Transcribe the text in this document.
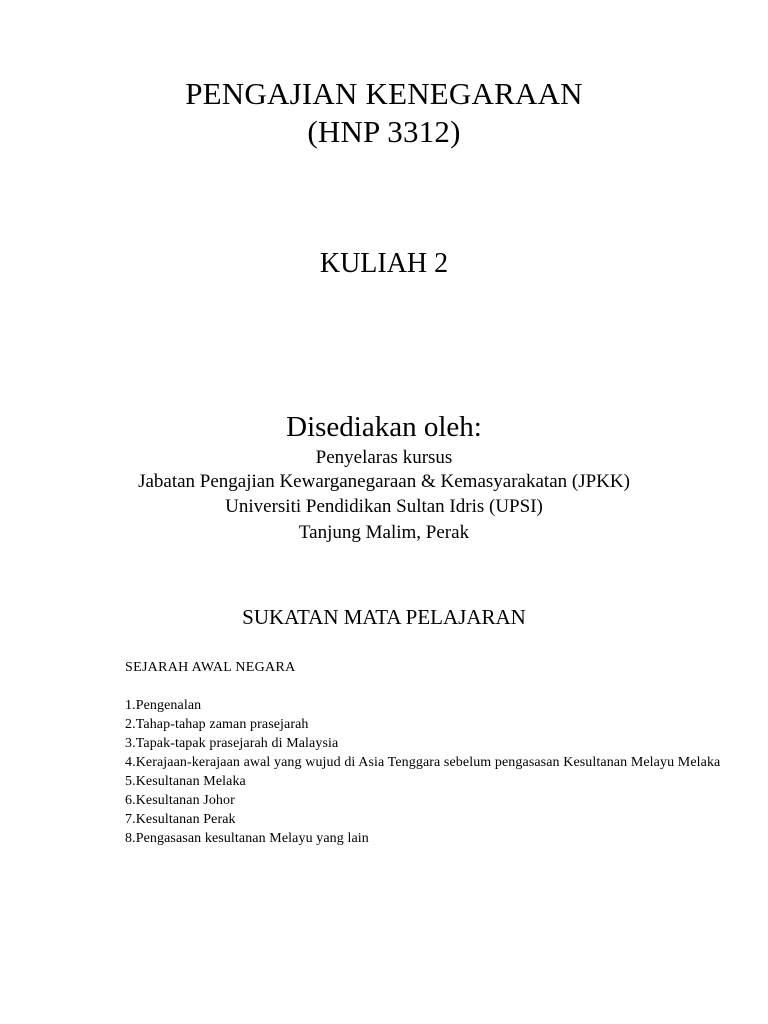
PENGAJIAN KENEGARAAN
(HNP 3312)
KULIAH 2
Disediakan oleh:
Penyelaras kursus
Jabatan Pengajian Kewarganegaraan & Kemasyarakatan (JPKK)
Universiti Pendidikan Sultan Idris (UPSI)
Tanjung Malim, Perak
SUKATAN MATA PELAJARAN
SEJARAH AWAL NEGARA
1.Pengenalan
2.Tahap-tahap zaman prasejarah
3.Tapak-tapak prasejarah di Malaysia
4.Kerajaan-kerajaan awal yang wujud di Asia Tenggara sebelum pengasasan Kesultanan Melayu Melaka
5.Kesultanan Melaka
6.Kesultanan Johor
7.Kesultanan Perak
8.Pengasasan kesultanan Melayu yang lain
